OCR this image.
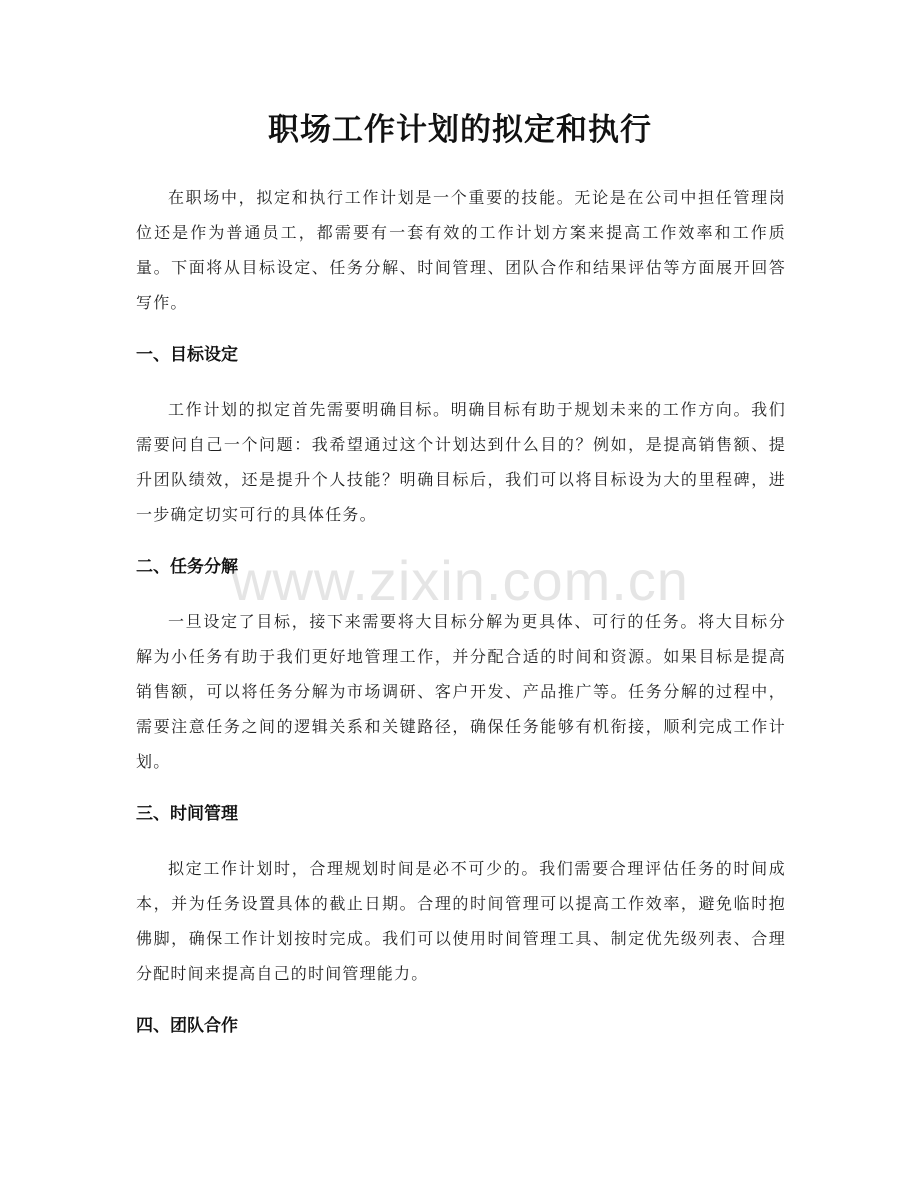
职场工作计划的拟定和执行

在职场中，拟定和执行工作计划是一个重要的技能。无论是在公司中担任管理岗位还是作为普通员工，都需要有一套有效的工作计划方案来提高工作效率和工作质量。下面将从目标设定、任务分解、时间管理、团队合作和结果评估等方面展开回答写作。

一、目标设定

工作计划的拟定首先需要明确目标。明确目标有助于规划未来的工作方向。我们需要问自己一个问题：我希望通过这个计划达到什么目的？例如，是提高销售额、提升团队绩效，还是提升个人技能？明确目标后，我们可以将目标设为大的里程碑，进一步确定切实可行的具体任务。

二、任务分解

一旦设定了目标，接下来需要将大目标分解为更具体、可行的任务。将大目标分解为小任务有助于我们更好地管理工作，并分配合适的时间和资源。如果目标是提高销售额，可以将任务分解为市场调研、客户开发、产品推广等。任务分解的过程中，需要注意任务之间的逻辑关系和关键路径，确保任务能够有机衔接，顺利完成工作计划。

三、时间管理

拟定工作计划时，合理规划时间是必不可少的。我们需要合理评估任务的时间成本，并为任务设置具体的截止日期。合理的时间管理可以提高工作效率，避免临时抱佛脚，确保工作计划按时完成。我们可以使用时间管理工具、制定优先级列表、合理分配时间来提高自己的时间管理能力。

四、团队合作
www.zixin.com.cn
